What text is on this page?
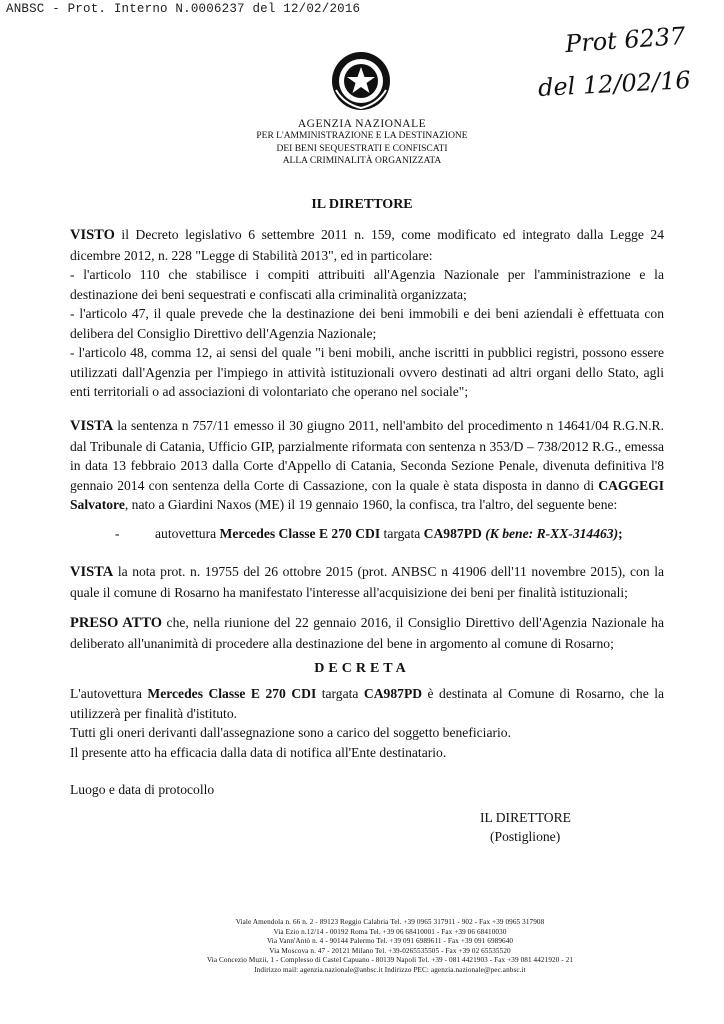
ANBSC - Prot. Interno N.0006237 del 12/02/2016
Prot 6237
del 12/02/16
AGENZIA NAZIONALE
PER L'AMMINISTRAZIONE E LA DESTINAZIONE
DEI BENI SEQUESTRATI E CONFISCATI
ALLA CRIMINALITÀ ORGANIZZATA
IL DIRETTORE

VISTO il Decreto legislativo 6 settembre 2011 n. 159, come modificato ed integrato dalla Legge 24 dicembre 2012, n. 228 "Legge di Stabilità 2013", ed in particolare:

- l'articolo 110 che stabilisce i compiti attribuiti all'Agenzia Nazionale per l'amministrazione e la destinazione dei beni sequestrati e confiscati alla criminalità organizzata;

- l'articolo 47, il quale prevede che la destinazione dei beni immobili e dei beni aziendali è effettuata con delibera del Consiglio Direttivo dell'Agenzia Nazionale;

- l'articolo 48, comma 12, ai sensi del quale "i beni mobili, anche iscritti in pubblici registri, possono essere utilizzati dall'Agenzia per l'impiego in attività istituzionali ovvero destinati ad altri organi dello Stato, agli enti territoriali o ad associazioni di volontariato che operano nel sociale";

VISTA la sentenza n 757/11 emesso il 30 giugno 2011, nell'ambito del procedimento n 14641/04 R.G.N.R. dal Tribunale di Catania, Ufficio GIP, parzialmente riformata con sentenza n 353/D – 738/2012 R.G., emessa in data 13 febbraio 2013 dalla Corte d'Appello di Catania, Seconda Sezione Penale, divenuta definitiva l'8 gennaio 2014 con sentenza della Corte di Cassazione, con la quale è stata disposta in danno di CAGGEGI Salvatore, nato a Giardini Naxos (ME) il 19 gennaio 1960, la confisca, tra l'altro, del seguente bene:

-	autovettura Mercedes Classe E 270 CDI targata CA987PD (K bene: R-XX-314463);

VISTA la nota prot. n. 19755 del 26 ottobre 2015 (prot. ANBSC n 41906 dell'11 novembre 2015), con la quale il comune di Rosarno ha manifestato l'interesse all'acquisizione dei beni per finalità istituzionali;

PRESO ATTO che, nella riunione del 22 gennaio 2016, il Consiglio Direttivo dell'Agenzia Nazionale ha deliberato all'unanimità di procedere alla destinazione del bene in argomento al comune di Rosarno;

DECRETA

L'autovettura Mercedes Classe E 270 CDI targata CA987PD è destinata al Comune di Rosarno, che la utilizzerà per finalità d'istituto.

Tutti gli oneri derivanti dall'assegnazione sono a carico del soggetto beneficiario.

Il presente atto ha efficacia dalla data di notifica all'Ente destinatario.

Luogo e data di protocollo
IL DIRETTORE
(Postiglione)
Viale Amendola n. 66 n. 2 - 89123 Reggio Calabria Tel. +39 0965 317911 - 902 - Fax +39 0965 317908
Via Ezio n.12/14 - 00192 Roma Tel. +39 06 68410001 - Fax +39 06 68410030
Via Vann'Antò n. 4 - 90144 Palermo Tel. +39 091 6989611 - Fax +39 091 6989640
Via Moscova n. 47 - 20121 Milano Tel. +39-0265535505 - Fax +39 02 65535520
Via Concezio Muzii, 1 - Complesso di Castel Capuano - 80139 Napoli Tel. +39 - 081 4421903 - Fax +39 081 4421920 - 21
Indirizzo mail: agenzia.nazionale@anbsc.it Indirizzo PEC: agenzia.nazionale@pec.anbsc.it
